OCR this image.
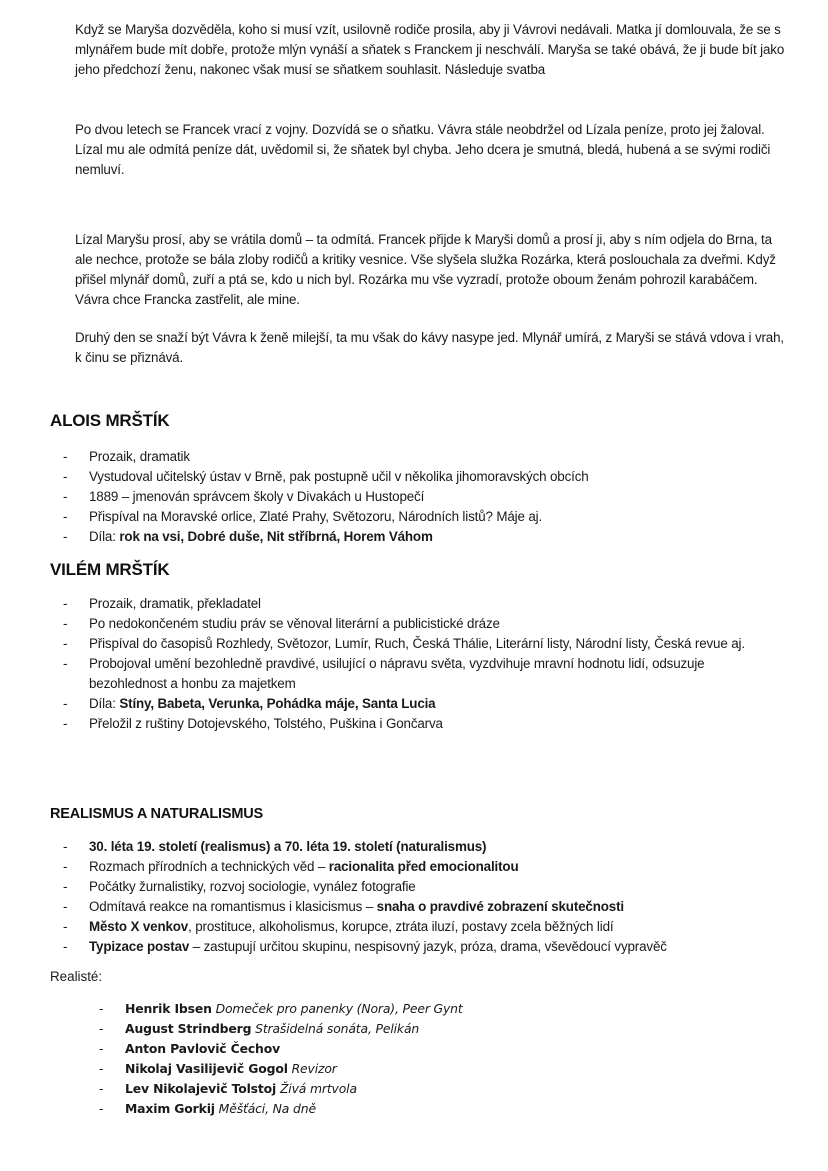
Když se Maryša dozvěděla, koho si musí vzít, usilovně rodiče prosila, aby ji Vávrovi nedávali. Matka jí domlouvala, že se s mlynářem bude mít dobře, protože mlýn vynáší a sňatek s Franckem ji neschválí. Maryša se také obává, že ji bude bít jako jeho předchozí ženu, nakonec však musí se sňatkem souhlasit. Následuje svatba

Po dvou letech se Francek vrací z vojny. Dozvídá se o sňatku. Vávra stále neobdržel od Lízala peníze, proto jej žaloval. Lízal mu ale odmítá peníze dát, uvědomil si, že sňatek byl chyba. Jeho dcera je smutná, bledá, hubená a se svými rodiči nemluví.

Lízal Maryšu prosí, aby se vrátila domů – ta odmítá. Francek přijde k Maryši domů a prosí ji, aby s ním odjela do Brna, ta ale nechce, protože se bála zloby rodičů a kritiky vesnice. Vše slyšela služka Rozárka, která poslouchala za dveřmi. Když přišel mlynář domů, zuří a ptá se, kdo u nich byl. Rozárka mu vše vyzradí, protože oboum ženám pohrozil karabáčem. Vávra chce Francka zastřelit, ale mine.

Druhý den se snaží být Vávra k ženě milejší, ta mu však do kávy nasype jed. Mlynář umírá, z Maryši se stává vdova i vrah, k činu se přiznává.

ALOIS MRŠTÍK
- Prozaik, dramatik
- Vystudoval učitelský ústav v Brně, pak postupně učil v několika jihomoravských obcích
- 1889 – jmenován správcem školy v Divakách u Hustopečí
- Přispíval na Moravské orlice, Zlaté Prahy, Světozoru, Národních listů? Máje aj.
- Díla: rok na vsi, Dobré duše, Nit stříbrná, Horem Váhom
VILÉM MRŠTÍK
- Prozaik, dramatik, překladatel
- Po nedokončeném studiu práv se věnoval literární a publicistické dráze
- Přispíval do časopisů Rozhledy, Světozor, Lumír, Ruch, Česká Thálie, Literární listy, Národní listy, Česká revue aj.
- Probojoval umění bezohledně pravdivé, usilující o nápravu světa, vyzdvihuje mravní hodnotu lidí, odsuzuje bezohlednost a honbu za majetkem
- Díla: Stíny, Babeta, Verunka, Pohádka máje, Santa Lucia
- Přeložil z ruštiny Dotojevského, Tolstého, Puškina i Gončarva
REALISMUS A NATURALISMUS
- 30. léta 19. století (realismus) a 70. léta 19. století (naturalismus)
- Rozmach přírodních a technických věd – racionalita před emocionalitou
- Počátky žurnalistiky, rozvoj sociologie, vynález fotografie
- Odmítavá reakce na romantismus i klasicismus – snaha o pravdivé zobrazení skutečnosti
- Město X venkov, prostituce, alkoholismus, korupce, ztráta iluzí, postavy zcela běžných lidí
- Typizace postav – zastupují určitou skupinu, nespisovný jazyk, próza, drama, vševědoucí vypravěč

Realisté:

- Henrik Ibsen Domeček pro panenky (Nora), Peer Gynt
- August Strindberg Strašidelná sonáta, Pelikán
- Anton Pavlovič Čechov
- Nikolaj Vasilijevič Gogol Revizor
- Lev Nikolajevič Tolstoj Živá mrtvola
- Maxim Gorkij Měšťáci, Na dně
